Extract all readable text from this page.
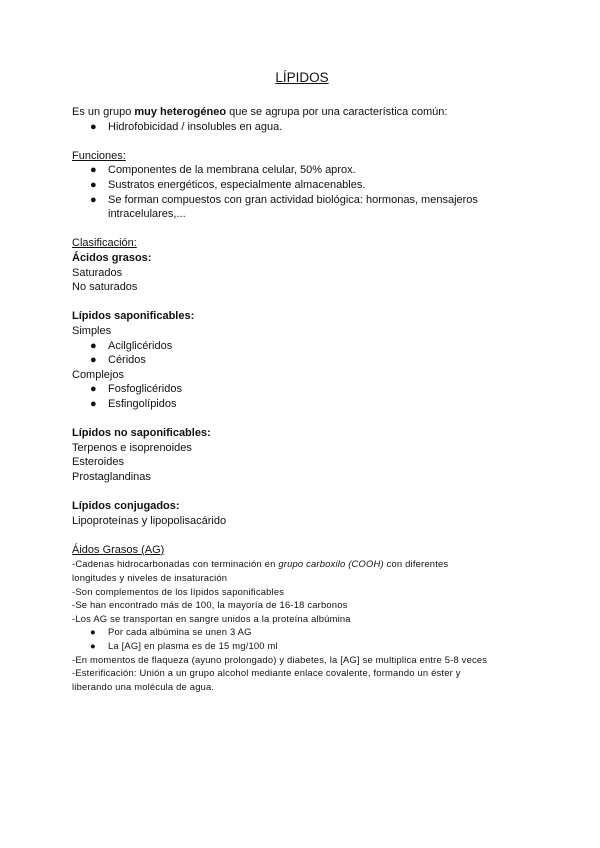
LÍPIDOS
Es un grupo muy heterogéneo que se agrupa por una característica común:
● Hidrofobicidad / insolubles en agua.
Funciones:
● Componentes de la membrana celular, 50% aprox.
● Sustratos energéticos, especialmente almacenables.
● Se forman compuestos con gran actividad biológica: hormonas, mensajeros
intracelulares,...
Clasificación:
Ácidos grasos:
Saturados
No saturados
Lípidos saponificables:
Simples
● Acilglicéridos
● Céridos
Complejos
● Fosfoglicéridos
● Esfingolípidos
Lípidos no saponificables:
Terpenos e isoprenoides
Esteroides
Prostaglandinas
Lípidos conjugados:
Lipoproteínas y lipopolisacárido
Áidos Grasos (AG)
-Cadenas hidrocarbonadas con terminación en grupo carboxilo (COOH) con diferentes
longitudes y niveles de insaturación
-Son complementos de los lípidos saponificables
-Se han encontrado más de 100, la mayoría de 16-18 carbonos
-Los AG se transportan en sangre unidos a la proteína albúmina
● Por cada albúmina se unen 3 AG
● La [AG] en plasma es de 15 mg/100 ml
-En momentos de flaqueza (ayuno prolongado) y diabetes, la [AG] se multiplica entre 5-8 veces
-Esterificación: Unión a un grupo alcohol mediante enlace covalente, formando un éster y
liberando una molécula de agua.
